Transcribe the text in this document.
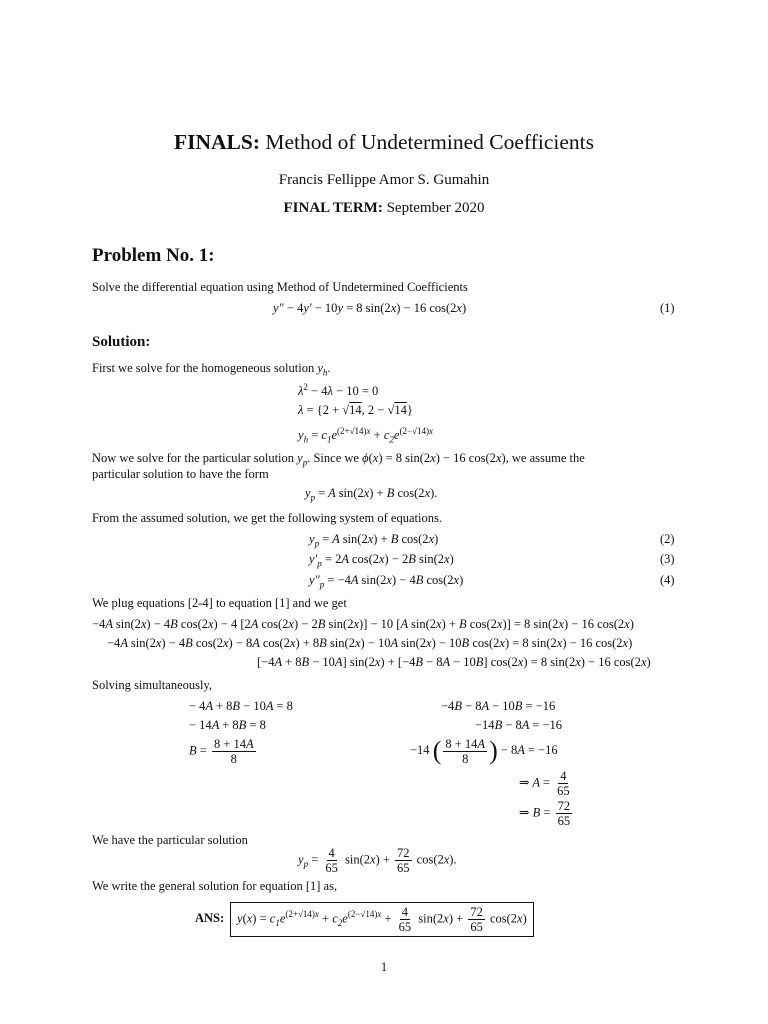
FINALS: Method of Undetermined Coefficients
Francis Fellippe Amor S. Gumahin
FINAL TERM: September 2020
Problem No. 1:
Solve the differential equation using Method of Undetermined Coefficients
y″ − 4y′ − 10y = 8 sin(2x) − 16 cos(2x)	(1)
Solution:
First we solve for the homogeneous solution $y_h$.
$\lambda^2 - 4\lambda - 10 = 0$
λ = {2 + √14, 2 − √14}
$y_h = c_1e^{(2+√14)x} + c_2e^{(2-√14)x}$
Now we solve for the particular solution $y_p$. Since we ϕ(x) = 8 sin(2x) − 16 cos(2x), we assume the
particular solution to have the form
$y_p = A$ sin(2x) + B cos(2x).
From the assumed solution, we get the following system of equations.
$y_p = A$ sin(2x) + B cos(2x)	(2)
$y'_p = 2A$ cos(2x) − 2B sin(2x)	(3)
$y''_p = -4A$ sin(2x) − 4B cos(2x)	(4)
We plug equations [2-4] to equation [1] and we get
−4A sin(2x) − 4B cos(2x) − 4 [2A cos(2x) − 2B sin(2x)] − 10 [A sin(2x) + B cos(2x)] = 8 sin(2x) − 16 cos(2x)
−4A sin(2x) − 4B cos(2x) − 8A cos(2x) + 8B sin(2x) − 10A sin(2x) − 10B cos(2x) = 8 sin(2x) − 16 cos(2x)
[−4A + 8B − 10A] sin(2x) + [−4B − 8A − 10B] cos(2x) = 8 sin(2x) − 16 cos(2x)
Solving simultaneously,
− 4A + 8B − 10A = 8
− 14A + 8B = 8
$B = \frac{8 + 14A}{8}$
−4B − 8A − 10B = −16
−14B − 8A = −16
−14 ( $\frac{8 + 14A}{8}$ ) − 8A = −16
⇒ $A = \frac{4}{65}$
⇒ $B = \frac{72}{65}$
We have the particular solution
$y_p = \frac{4}{65} \sin(2x) + \frac{72}{65} \cos(2x)$.
We write the general solution for equation [1] as,
ANS:	$y(x) = c_1e^{(2+√14)x} + c_2e^{(2-√14)x} + \frac{4}{65} \sin(2x) + \frac{72}{65} \cos(2x)$
1
